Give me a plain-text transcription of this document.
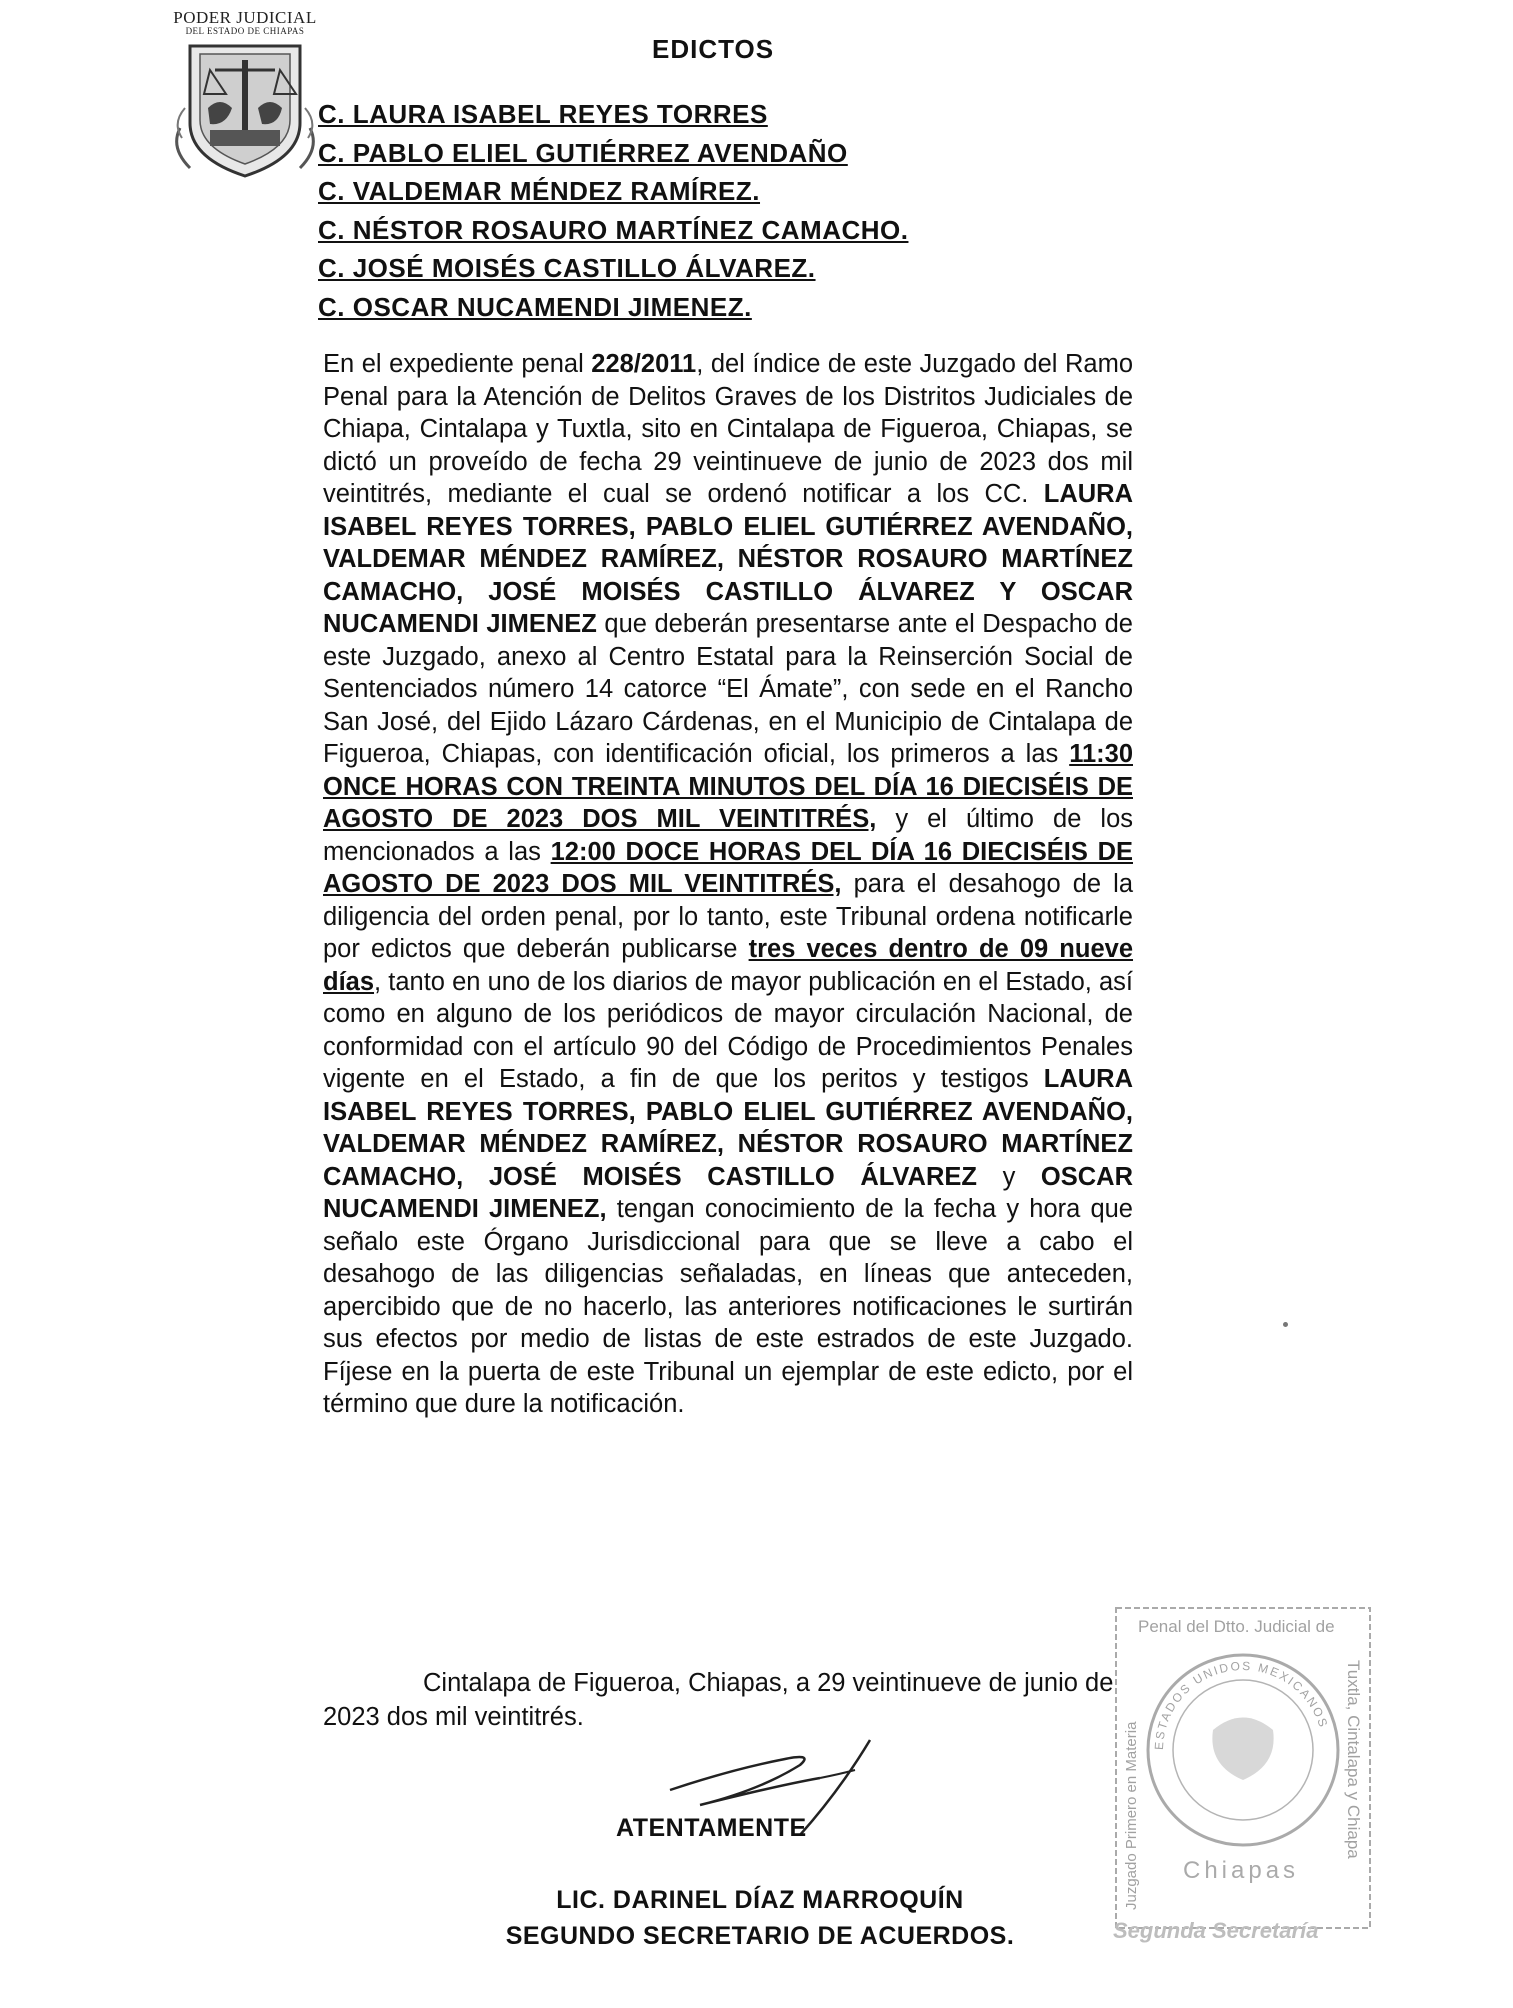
PODER JUDICIAL
DEL ESTADO DE CHIAPAS
EDICTOS
C. LAURA ISABEL REYES TORRES
C. PABLO ELIEL GUTIÉRREZ AVENDAÑO
C. VALDEMAR MÉNDEZ RAMÍREZ.
C. NÉSTOR ROSAURO MARTÍNEZ CAMACHO.
C. JOSÉ MOISÉS CASTILLO ÁLVAREZ.
C. OSCAR NUCAMENDI JIMENEZ.

En el expediente penal 228/2011, del índice de este Juzgado del Ramo Penal para la Atención de Delitos Graves de los Distritos Judiciales de Chiapa, Cintalapa y Tuxtla, sito en Cintalapa de Figueroa, Chiapas, se dictó un proveído de fecha 29 veintinueve de junio de 2023 dos mil veintitrés, mediante el cual se ordenó notificar a los CC. LAURA ISABEL REYES TORRES, PABLO ELIEL GUTIÉRREZ AVENDAÑO, VALDEMAR MÉNDEZ RAMÍREZ, NÉSTOR ROSAURO MARTÍNEZ CAMACHO, JOSÉ MOISÉS CASTILLO ÁLVAREZ Y OSCAR NUCAMENDI JIMENEZ que deberán presentarse ante el Despacho de este Juzgado, anexo al Centro Estatal para la Reinserción Social de Sentenciados número 14 catorce “El Ámate”, con sede en el Rancho San José, del Ejido Lázaro Cárdenas, en el Municipio de Cintalapa de Figueroa, Chiapas, con identificación oficial, los primeros a las 11:30 ONCE HORAS CON TREINTA MINUTOS DEL DÍA 16 DIECISÉIS DE AGOSTO DE 2023 DOS MIL VEINTITRÉS, y el último de los mencionados a las 12:00 DOCE HORAS DEL DÍA 16 DIECISÉIS DE AGOSTO DE 2023 DOS MIL VEINTITRÉS, para el desahogo de la diligencia del orden penal, por lo tanto, este Tribunal ordena notificarle por edictos que deberán publicarse tres veces dentro de 09 nueve días, tanto en uno de los diarios de mayor publicación en el Estado, así como en alguno de los periódicos de mayor circulación Nacional, de conformidad con el artículo 90 del Código de Procedimientos Penales vigente en el Estado, a fin de que los peritos y testigos LAURA ISABEL REYES TORRES, PABLO ELIEL GUTIÉRREZ AVENDAÑO, VALDEMAR MÉNDEZ RAMÍREZ, NÉSTOR ROSAURO MARTÍNEZ CAMACHO, JOSÉ MOISÉS CASTILLO ÁLVAREZ y OSCAR NUCAMENDI JIMENEZ, tengan conocimiento de la fecha y hora que señalo este Órgano Jurisdiccional para que se lleve a cabo el desahogo de las diligencias señaladas, en líneas que anteceden, apercibido que de no hacerlo, las anteriores notificaciones le surtirán sus efectos por medio de listas de este estrados de este Juzgado. Fíjese en la puerta de este Tribunal un ejemplar de este edicto, por el término que dure la notificación.

Cintalapa de Figueroa, Chiapas, a 29 veintinueve de junio de 2023 dos mil veintitrés.

ATENTAMENTE
LIC. DARINEL DÍAZ MARROQUÍN
SEGUNDO SECRETARIO DE ACUERDOS.
Penal del Dtto. Judicial de
Tuxtla, Cintalapa y Chiapa
Juzgado Primero en Materia ESTADOS UNIDOS MEXICANOS
Chiapas
Segunda Secretaría
